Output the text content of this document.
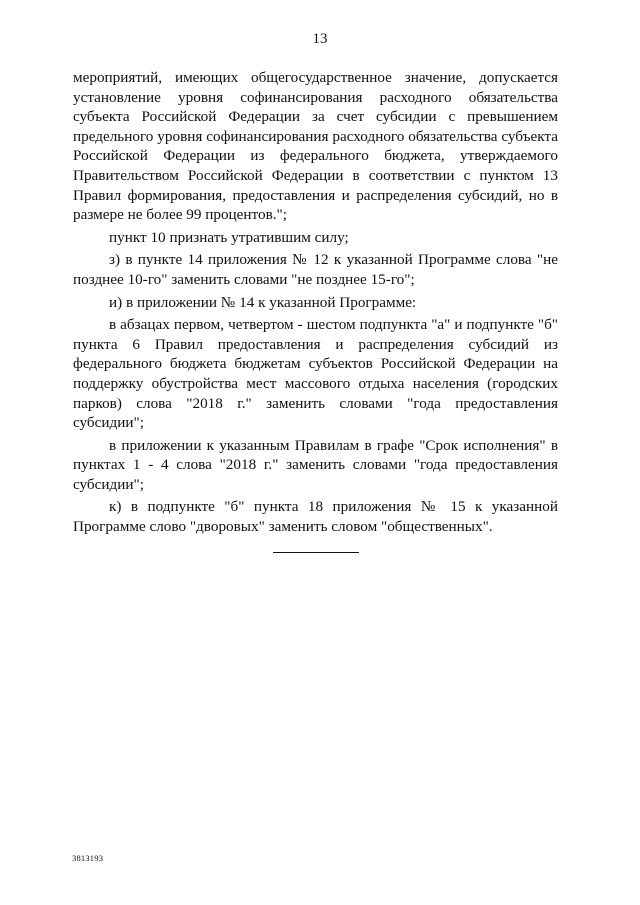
13

мероприятий, имеющих общегосударственное значение, допускается установление уровня софинансирования расходного обязательства субъекта Российской Федерации за счет субсидии с превышением предельного уровня софинансирования расходного обязательства субъекта Российской Федерации из федерального бюджета, утверждаемого Правительством Российской Федерации в соответствии с пунктом 13 Правил формирования, предоставления и распределения субсидий, но в размере не более 99 процентов.";

пункт 10 признать утратившим силу;

з) в пункте 14 приложения № 12 к указанной Программе слова "не позднее 10-го" заменить словами "не позднее 15-го";

и) в приложении № 14 к указанной Программе:

в абзацах первом, четвертом - шестом подпункта "а" и подпункте "б" пункта 6 Правил предоставления и распределения субсидий из федерального бюджета бюджетам субъектов Российской Федерации на поддержку обустройства мест массового отдыха населения (городских парков) слова "2018 г." заменить словами "года предоставления субсидии";

в приложении к указанным Правилам в графе "Срок исполнения" в пунктах 1 - 4 слова "2018 г." заменить словами "года предоставления субсидии";

к) в подпункте "б" пункта 18 приложения № 15 к указанной Программе слово "дворовых" заменить словом "общественных".

3813193
